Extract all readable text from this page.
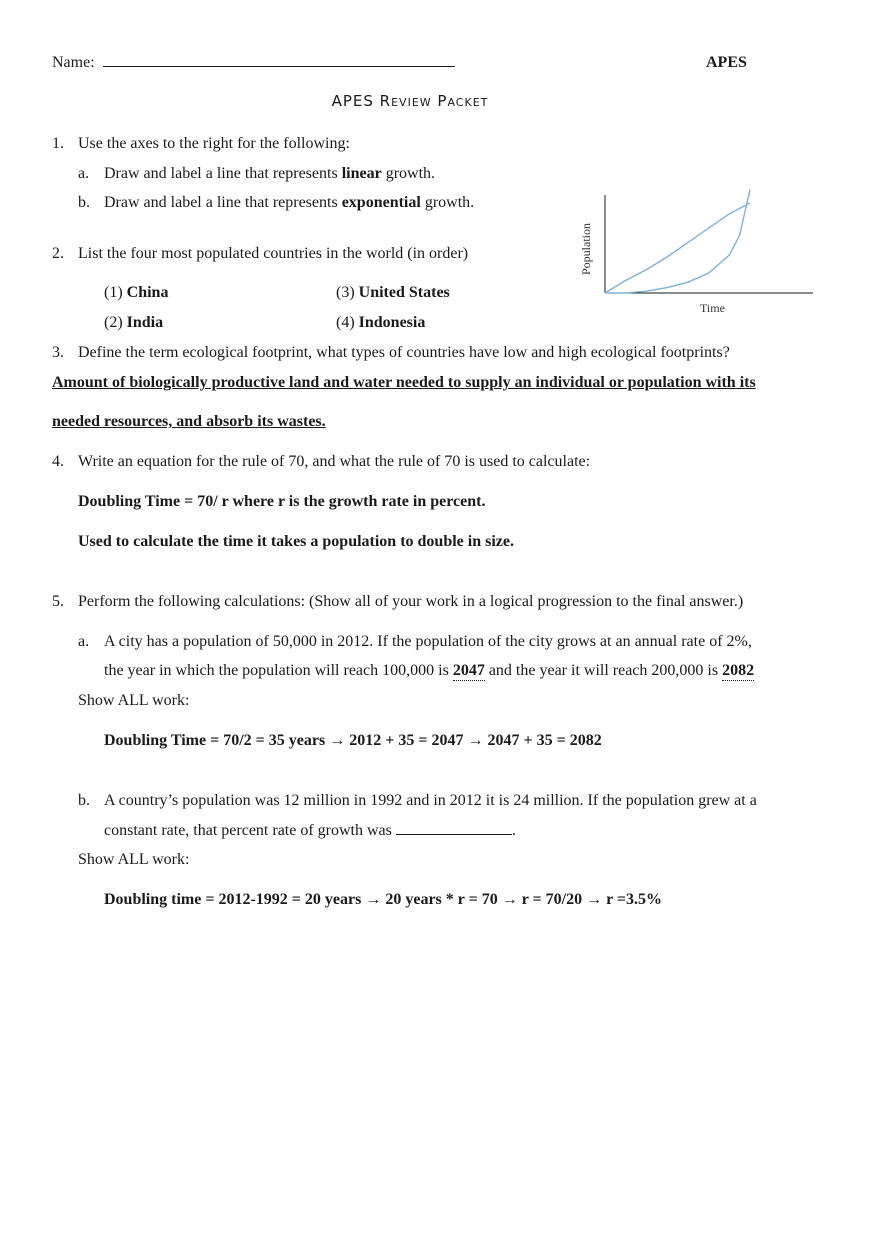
Name:	APES
APES Review Packet
1. Use the axes to the right for the following:
a. Draw and label a line that represents linear growth.
b. Draw and label a line that represents exponential growth.
Population
Time
2. List the four most populated countries in the world (in order)
(1) China
(2) India
(3) United States
(4) Indonesia
3. Define the term ecological footprint, what types of countries have low and high ecological footprints?
Amount of biologically productive land and water needed to supply an individual or population with its
needed resources, and absorb its wastes.
4. Write an equation for the rule of 70, and what the rule of 70 is used to calculate:
Doubling Time = 70/ r where r is the growth rate in percent.
Used to calculate the time it takes a population to double in size.
5. Perform the following calculations: (Show all of your work in a logical progression to the final answer.)
a. A city has a population of 50,000 in 2012. If the population of the city grows at an annual rate of 2%,
the year in which the population will reach 100,000 is 2047 and the year it will reach 200,000 is 2082
Show ALL work:
Doubling Time = 70/2 = 35 years → 2012 + 35 = 2047 → 2047 + 35 = 2082
b. A country’s population was 12 million in 1992 and in 2012 it is 24 million. If the population grew at a
constant rate, that percent rate of growth was	.
Show ALL work:
Doubling time = 2012-1992 = 20 years → 20 years * r = 70 → r = 70/20 → r =3.5%
